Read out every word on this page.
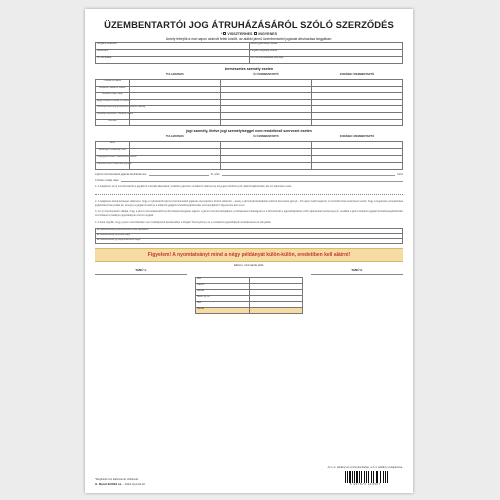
ÜZEMBENTARTÓI JOG ÁTRUHÁZÁSÁRÓL SZÓLÓ SZERZŐDÉS
* VISSZTERHES INGYENES
Amely létrejött a mai napon alulírott felek között, az alábbi jármű üzembentartói jogának átruházása tárgyában:
Forgalmi rendszám:	Jármű gyártmánya, típusa:
Alvázszám:	Forgalmi engedély száma:
Km óra állása:	Km óra leolvasásának időpontja:
természetes személy esetén
	TULAJDONOS	ÚJ ÜZEMBENTARTÓ	KORÁBBI ÜZEMBENTARTÓ
Családi és utónév			
Születési családi és utónév			
Születési helye, ideje			
Anyja születési családi és utóneve			
Személyazonosság igazolására alkalmas okmány			
Személyi azonosító / Okmány száma			
Lakcíme			
jogi személy, illetve jogi személyiséggel nem rendelkező szervezet esetén
	TULAJDONOS	ÚJ ÜZEMBENTARTÓ	KORÁBBI ÜZEMBENTARTÓ
Neve			
Székhelye / telephelye címe			
Cégjegyzékszáma / nyilvántartási száma			
Képviselő neve / képviselet jogcíme			
A jármű üzembentartói jogának átruházási ára:	Ft, azaz	forint
A fizetés módja, ideje:
1. A tulajdonos az új üzembentartót a gépjármű műszaki állapotáról, továbbá a járműre vonatkozó valamennyi lényeges körülményről, adatról tájékoztatta, aki ezt tudomásul vette.
2. A tulajdonos kötelezettséget vállal arra, hogy a nyilvántartott jármű üzembentartói jogának személyében történt változást – amely a járműnyilvántartásban történő átvezetést igényli – 15 napon belül bejelenti. A szerződő felek tudomásul veszik, hogy a bejelentés elmulasztása jogkövetkezményekkel jár, amelyet a gépjármű-adó és a kötelező gépjármű-felelősségbiztosítás szempontjából is figyelembe kell venni.
3. Az új üzembentartó vállalja, hogy a jármű üzemeltetéséből eredő kötelezettségeket teljesíti, a jármű üzembentartójaként a közlekedési hatóságnál és a biztosítónál a jogszabályokban előírt eljárásokat kezdeményezi, továbbá a jármű kötelező gépjármű-felelősségbiztosítási szerződését a hatályos jogszabályok szerint megköti.
4. A felek rögzítik, hogy a jelen szerződésben nem szabályozott kérdésekben a Polgári Törvénykönyv és a vonatkozó jogszabályok rendelkezései az irányadók.
Az üzembentartói jog átruházásáról szóló nyilatkozat:
Az üzembentartói jog kezdő napja:
Az üzembentartói jog megszűnésének napja:
Figyelem! A nyomtatványt mind a négy példányát külön-külön, eredetiben kell aláírni!
Ekltum, mint tanúk előtt:
TANÚ 1.	TANÚ 2.
Név	
Lakcím	
Aláírás	
Szem. ig. sz.	
Kelt:	
Aláírás	
*Megfelelő rész aláhúzandó, kitöltendő.
A. Rend 4/2013 sz. – Pátria Nyomda Zrt.
Az 1–2. példány az új üzembentartóé, a 3–4. példány a tulajdonosé.
5 997874 319567
